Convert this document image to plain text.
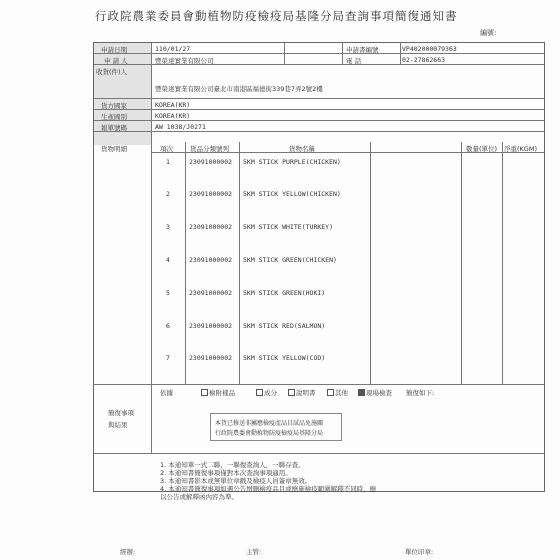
行政院農業委員會動植物防疫檢疫局基隆分局查詢事項簡復通知書
編號:
申請日期	110/01/27	申請書編號	VP402000079363
申 請 人	豐榮達實業有限公司	電 話	02-27862663
收貨(件)人
豐榮達實業有限公司臺北市南港區福德街339巷7弄2號2樓
貨方國家	KOREA(KR)
生產國別	KOREA(KR)
報單號碼	AW 1038/J0271
貨物明細	項次	貨品分類號列	貨物名稱	數量(單位) 淨重(KGM)
1	23091000002 5KM STICK PURPLE(CHICKEN)
2	23091000002 5KM STICK YELLOW(CHICKEN)
3	23091000002 5KM STICK WHITE(TURKEY)
4	23091000002 5KM STICK GREEN(CHICKEN)
5	23091000002 5KM STICK GREEN(HOKI)
6	23091000002 5KM STICK RED(SALMON)
7	23091000002 5KM STICK YELLOW(COD)
依據	檢附樣品	成分	說明書	其他	現場檢查 簡復如下:
簡復事項
與結果
1. 本通知單一式二聯，一聯復查詢人，一聯存查。
2. 本通知書簡復事項僅對本次查詢事項適用。
3. 本通知書影本或無單位章戳及檢疫人員簽章無效。
4. 本通知書簡復事項如遇公告增刪檢疫品目或應施檢疫範圍解釋不同時，應
以公告或解釋函內容為準。
本貨已修送非屬應檢疫產品目試品免施關
行政院農委會動植物防疫檢疫局基隆分局
經辦:	主管:	單位印章:
